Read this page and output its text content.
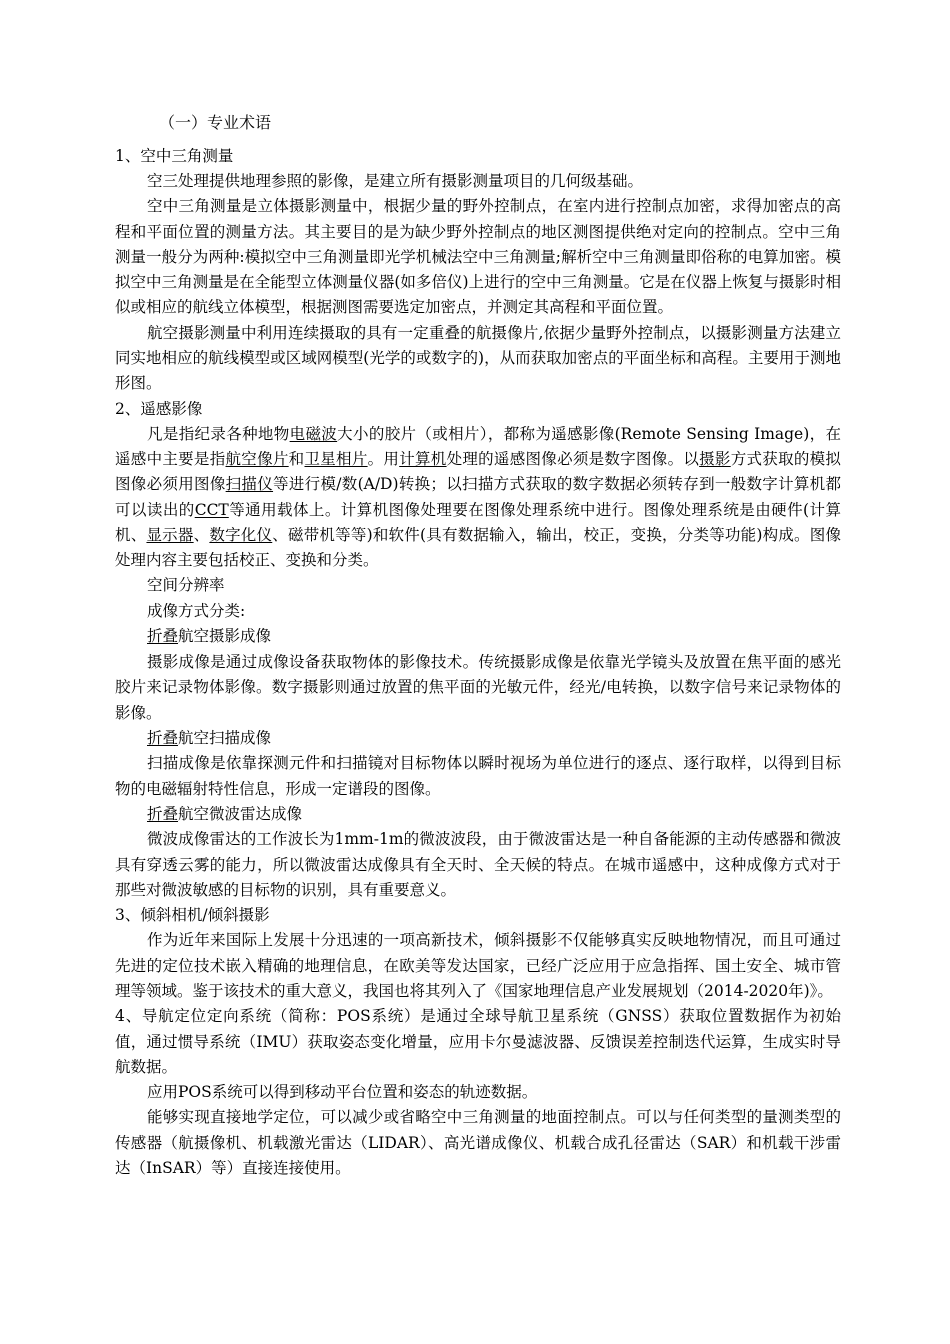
（一）专业术语

1、空中三角测量

空三处理提供地理参照的影像，是建立所有摄影测量项目的几何级基础。

空中三角测量是立体摄影测量中，根据少量的野外控制点，在室内进行控制点加密，求得加密点的高程和平面位置的测量方法。其主要目的是为缺少野外控制点的地区测图提供绝对定向的控制点。空中三角测量一般分为两种:模拟空中三角测量即光学机械法空中三角测量;解析空中三角测量即俗称的电算加密。模拟空中三角测量是在全能型立体测量仪器(如多倍仪)上进行的空中三角测量。它是在仪器上恢复与摄影时相似或相应的航线立体模型，根据测图需要选定加密点，并测定其高程和平面位置。

航空摄影测量中利用连续摄取的具有一定重叠的航摄像片,依据少量野外控制点，以摄影测量方法建立同实地相应的航线模型或区域网模型(光学的或数字的)，从而获取加密点的平面坐标和高程。主要用于测地形图。

2、遥感影像

凡是指纪录各种地物电磁波大小的胶片（或相片），都称为遥感影像(Remote Sensing Image)，在遥感中主要是指航空像片和卫星相片。用计算机处理的遥感图像必须是数字图像。以摄影方式获取的模拟图像必须用图像扫描仪等进行模/数(A/D)转换；以扫描方式获取的数字数据必须转存到一般数字计算机都可以读出的CCT等通用载体上。计算机图像处理要在图像处理系统中进行。图像处理系统是由硬件(计算机、显示器、数字化仪、磁带机等等)和软件(具有数据输入，输出，校正，变换，分类等功能)构成。图像处理内容主要包括校正、变换和分类。

空间分辨率

成像方式分类:

折叠航空摄影成像

摄影成像是通过成像设备获取物体的影像技术。传统摄影成像是依靠光学镜头及放置在焦平面的感光胶片来记录物体影像。数字摄影则通过放置的焦平面的光敏元件，经光/电转换，以数字信号来记录物体的影像。

折叠航空扫描成像

扫描成像是依靠探测元件和扫描镜对目标物体以瞬时视场为单位进行的逐点、逐行取样，以得到目标物的电磁辐射特性信息，形成一定谱段的图像。

折叠航空微波雷达成像

微波成像雷达的工作波长为1mm-1m的微波波段，由于微波雷达是一种自备能源的主动传感器和微波具有穿透云雾的能力，所以微波雷达成像具有全天时、全天候的特点。在城市遥感中，这种成像方式对于那些对微波敏感的目标物的识别，具有重要意义。

3、倾斜相机/倾斜摄影

作为近年来国际上发展十分迅速的一项高新技术，倾斜摄影不仅能够真实反映地物情况，而且可通过先进的定位技术嵌入精确的地理信息，在欧美等发达国家，已经广泛应用于应急指挥、国土安全、城市管理等领域。鉴于该技术的重大意义，我国也将其列入了《国家地理信息产业发展规划（2014-2020年)》。

4、导航定位定向系统（简称：POS系统）是通过全球导航卫星系统（GNSS）获取位置数据作为初始值，通过惯导系统（IMU）获取姿态变化增量，应用卡尔曼滤波器、反馈误差控制迭代运算，生成实时导航数据。

应用POS系统可以得到移动平台位置和姿态的轨迹数据。

能够实现直接地学定位，可以减少或省略空中三角测量的地面控制点。可以与任何类型的量测类型的传感器（航摄像机、机载激光雷达（LIDAR）、高光谱成像仪、机载合成孔径雷达（SAR）和机载干涉雷达（InSAR）等）直接连接使用。
